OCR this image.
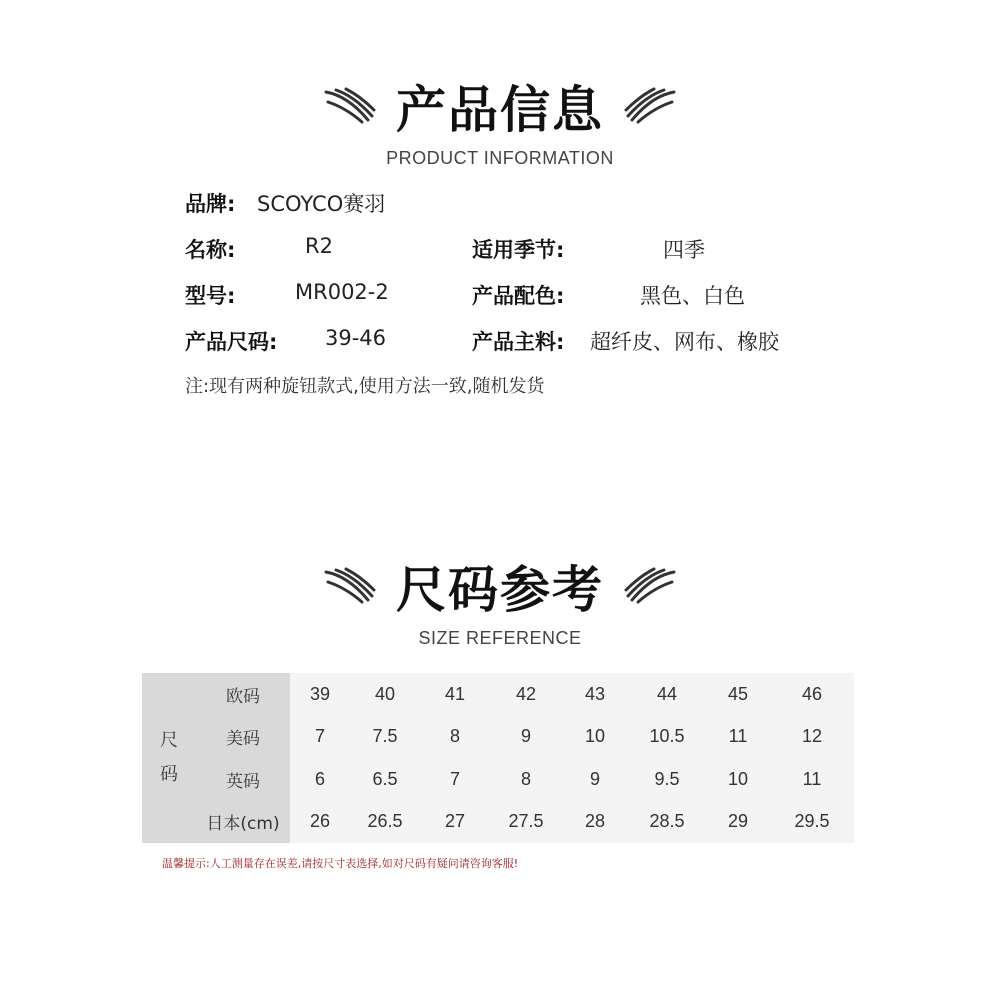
产品信息
PRODUCT INFORMATION
品牌: SCOYCO赛羽
名称:	R2	适用季节:	四季
型号:	MR002-2	产品配色:	黑色、白色
产品尺码: 39-46	产品主料: 超纤皮、网布、橡胶
注:现有两种旋钮款式,使用方法一致,随机发货
尺码参考
SIZE REFERENCE
尺
码	欧码	39	40	41	42	43	44	45	46
	美码	7	7.5	8	9	10	10.5	11	12
	英码	6	6.5	7	8	9	9.5	10	11
	日本(cm)	26	26.5	27	27.5	28	28.5	29	29.5
温馨提示:人工测量存在误差,请按尺寸表选择,如对尺码有疑问请咨询客服!
